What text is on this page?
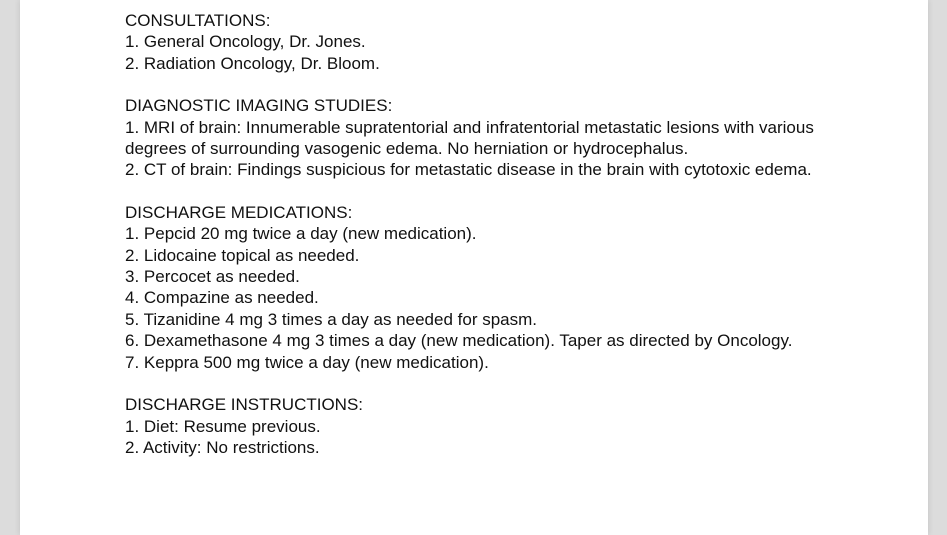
CONSULTATIONS:
1. General Oncology, Dr. Jones.
2. Radiation Oncology, Dr. Bloom.
DIAGNOSTIC IMAGING STUDIES:
1. MRI of brain: Innumerable supratentorial and infratentorial metastatic lesions with various degrees of surrounding vasogenic edema. No herniation or hydrocephalus.
2. CT of brain: Findings suspicious for metastatic disease in the brain with cytotoxic edema.
DISCHARGE MEDICATIONS:
1. Pepcid 20 mg twice a day (new medication).
2. Lidocaine topical as needed.
3. Percocet as needed.
4. Compazine as needed.
5. Tizanidine 4 mg 3 times a day as needed for spasm.
6. Dexamethasone 4 mg 3 times a day (new medication). Taper as directed by Oncology.
7. Keppra 500 mg twice a day (new medication).
DISCHARGE INSTRUCTIONS:
1. Diet: Resume previous.
2. Activity: No restrictions.
